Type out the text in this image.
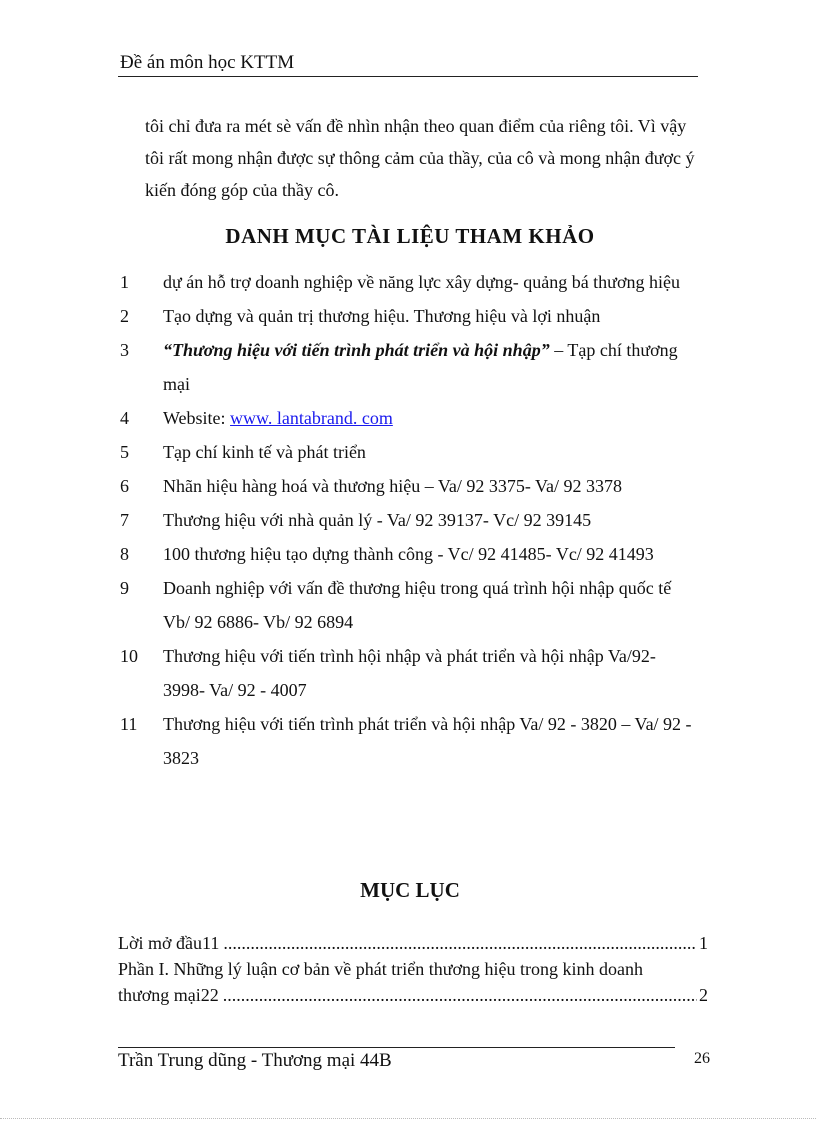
Đề án môn học KTTM

tôi chỉ đưa ra mét sè vấn đề nhìn nhận theo quan điểm của riêng tôi. Vì vậy tôi rất mong nhận được sự thông cảm của thầy, của cô và mong nhận được ý kiến đóng góp của thầy cô.

DANH MỤC TÀI LIỆU THAM KHẢO
1	dự án hỗ trợ doanh nghiệp về năng lực xây dựng- quảng bá thương hiệu
2	Tạo dựng và quản trị thương hiệu. Thương hiệu và lợi nhuận
3	“Thương hiệu với tiến trình phát triển và hội nhập” – Tạp chí thương mại
4	Website: www. lantabrand. com
5	Tạp chí kinh tế và phát triển
6	Nhãn hiệu hàng hoá và thương hiệu – Va/ 92 3375- Va/ 92 3378
7	Thương hiệu với nhà quản lý - Va/ 92 39137- Vc/ 92 39145
8	100 thương hiệu tạo dựng thành công - Vc/ 92 41485- Vc/ 92 41493
9	Doanh nghiệp với vấn đề thương hiệu trong quá trình hội nhập quốc tế Vb/ 92 6886- Vb/ 92 6894
10	Thương hiệu với tiến trình hội nhập và phát triển và hội nhập Va/92-3998- Va/ 92 - 4007
11	Thương hiệu với tiến trình phát triển và hội nhập Va/ 92 - 3820 – Va/ 92 - 3823
MỤC LỤC
Lời mở đầu11 .....	1
Phần I. Những lý luận cơ bản về phát triển thương hiệu trong kinh doanh
thương mại22 .....	2
Trần Trung dũng - Thương mại 44B	26
